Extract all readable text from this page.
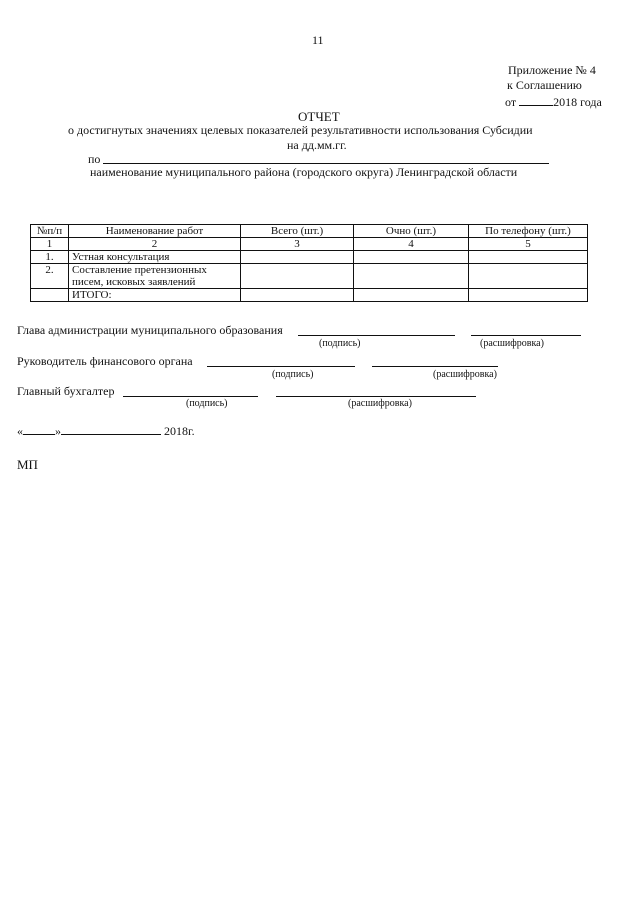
11
Приложение № 4
к Соглашению
от	2018 года
ОТЧЕТ
о достигнутых значениях целевых показателей результативности использования Субсидии
на дд.мм.гг.
по
наименование муниципального района (городского округа) Ленинградской области
№п/п	Наименование работ	Всего (шт.)	Очно (шт.)	По телефону (шт.)
1	2	3	4	5
1.	Устная консультация			
2.	Составление претензионных писем, исковых заявлений			
	ИТОГО:			
Глава администрации муниципального образования
(подпись)	(расшифровка)
Руководитель финансового органа
(подпись)	(расшифровка)
Главный бухгалтер
(подпись)	(расшифровка)
«	»	2018г.
МП
